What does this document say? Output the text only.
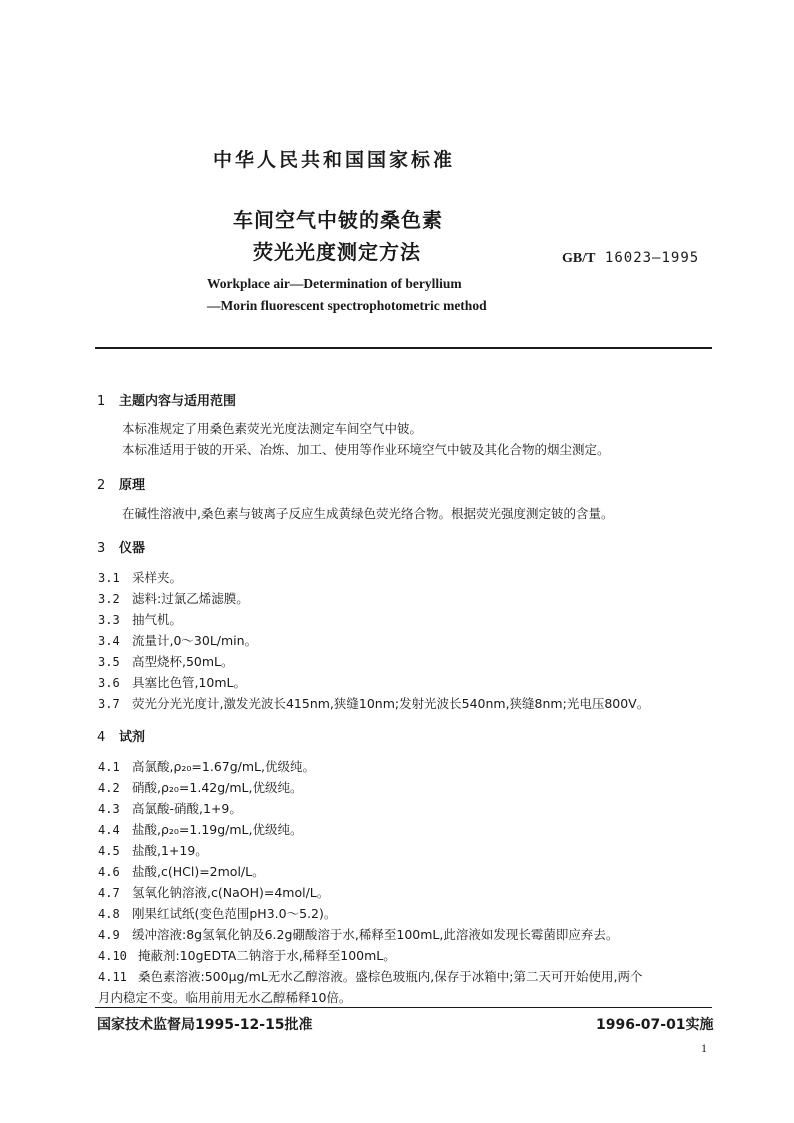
中华人民共和国国家标准
车间空气中铍的桑色素
荧光光度测定方法	GB/T 16023—1995
Workplace air—Determination of beryllium
—Morin fluorescent spectrophotometric method
1 主题内容与适用范围
本标准规定了用桑色素荧光光度法测定车间空气中铍。
本标准适用于铍的开采、冶炼、加工、使用等作业环境空气中铍及其化合物的烟尘测定。
2 原理
在碱性溶液中,桑色素与铍离子反应生成黄绿色荧光络合物。根据荧光强度测定铍的含量。
3 仪器
3.1 采样夹。
3.2 滤料:过氯乙烯滤膜。
3.3 抽气机。
3.4 流量计,0～30L/min。
3.5 高型烧杯,50mL。
3.6 具塞比色管,10mL。
3.7 荧光分光光度计,激发光波长415nm,狭缝10nm;发射光波长540nm,狭缝8nm;光电压800V。
4 试剂
4.1 高氯酸,ρ₂₀=1.67g/mL,优级纯。
4.2 硝酸,ρ₂₀=1.42g/mL,优级纯。
4.3 高氯酸-硝酸,1+9。
4.4 盐酸,ρ₂₀=1.19g/mL,优级纯。
4.5 盐酸,1+19。
4.6 盐酸,c(HCl)=2mol/L。
4.7 氢氧化钠溶液,c(NaOH)=4mol/L。
4.8 刚果红试纸(变色范围pH3.0～5.2)。
4.9 缓冲溶液:8g氢氧化钠及6.2g硼酸溶于水,稀释至100mL,此溶液如发现长霉菌即应弃去。
4.10 掩蔽剂:10gEDTA二钠溶于水,稀释至100mL。
4.11 桑色素溶液:500μg/mL无水乙醇溶液。盛棕色玻瓶内,保存于冰箱中;第二天可开始使用,两个
月内稳定不变。临用前用无水乙醇稀释10倍。
国家技术监督局1995-12-15批准	1996-07-01实施
1
